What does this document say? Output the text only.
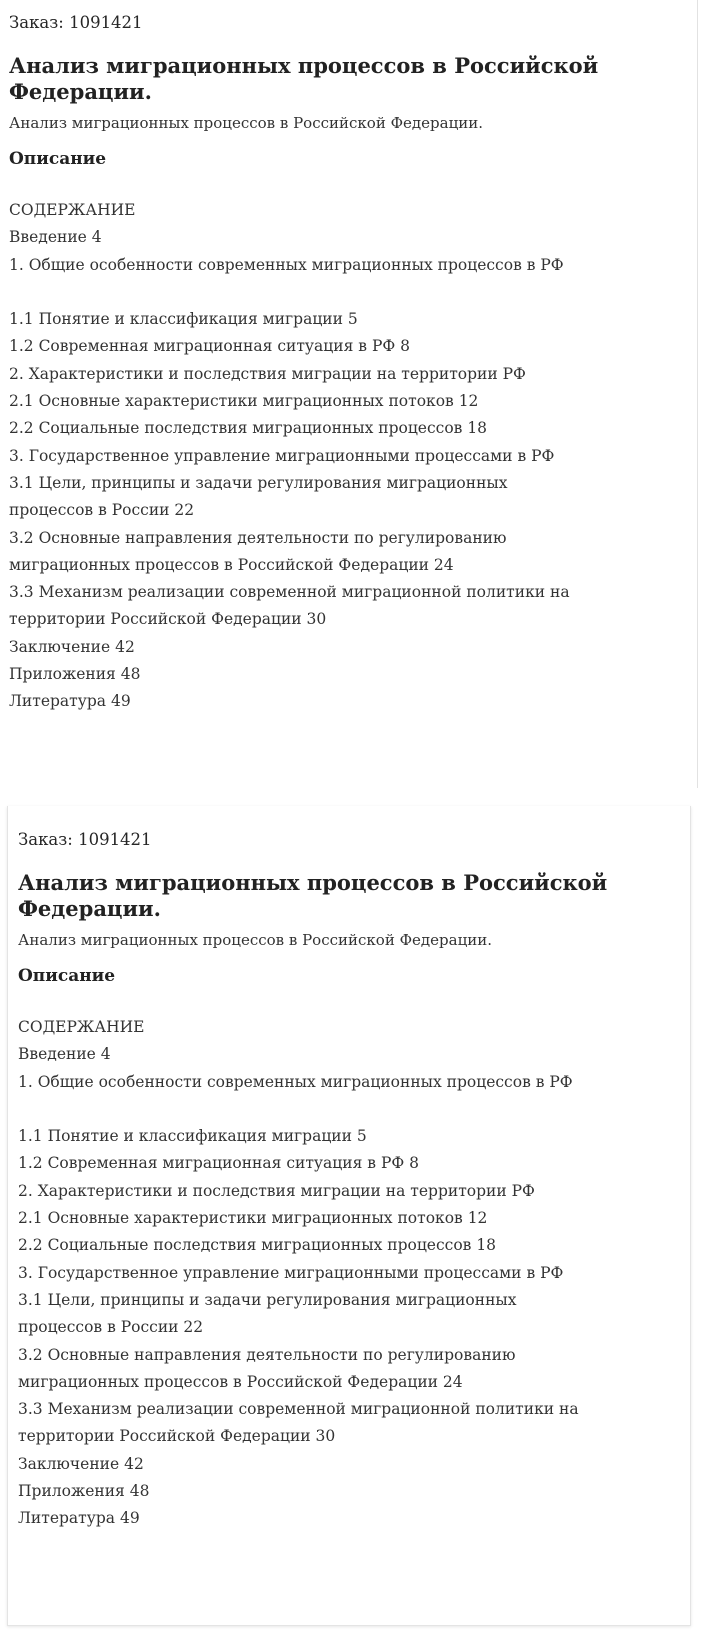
Заказ: 1091421
Анализ миграционных процессов в Российской Федерации.
Анализ миграционных процессов в Российской Федерации.
Описание
СОДЕРЖАНИЕ
Введение 4
1. Общие особенности современных миграционных процессов в РФ

1.1 Понятие и классификация миграции 5
1.2 Современная миграционная ситуация в РФ 8
2. Характеристики и последствия миграции на территории РФ
2.1 Основные характеристики миграционных потоков 12
2.2 Социальные последствия миграционных процессов 18
3. Государственное управление миграционными процессами в РФ
3.1 Цели, принципы и задачи регулирования миграционных
процессов в России 22
3.2 Основные направления деятельности по регулированию
миграционных процессов в Российской Федерации 24
3.3 Механизм реализации современной миграционной политики на
территории Российской Федерации 30
Заключение 42
Приложения 48
Литература 49
Заказ: 1091421
Анализ миграционных процессов в Российской Федерации.
Анализ миграционных процессов в Российской Федерации.
Описание
СОДЕРЖАНИЕ
Введение 4
1. Общие особенности современных миграционных процессов в РФ

1.1 Понятие и классификация миграции 5
1.2 Современная миграционная ситуация в РФ 8
2. Характеристики и последствия миграции на территории РФ
2.1 Основные характеристики миграционных потоков 12
2.2 Социальные последствия миграционных процессов 18
3. Государственное управление миграционными процессами в РФ
3.1 Цели, принципы и задачи регулирования миграционных
процессов в России 22
3.2 Основные направления деятельности по регулированию
миграционных процессов в Российской Федерации 24
3.3 Механизм реализации современной миграционной политики на
территории Российской Федерации 30
Заключение 42
Приложения 48
Литература 49
